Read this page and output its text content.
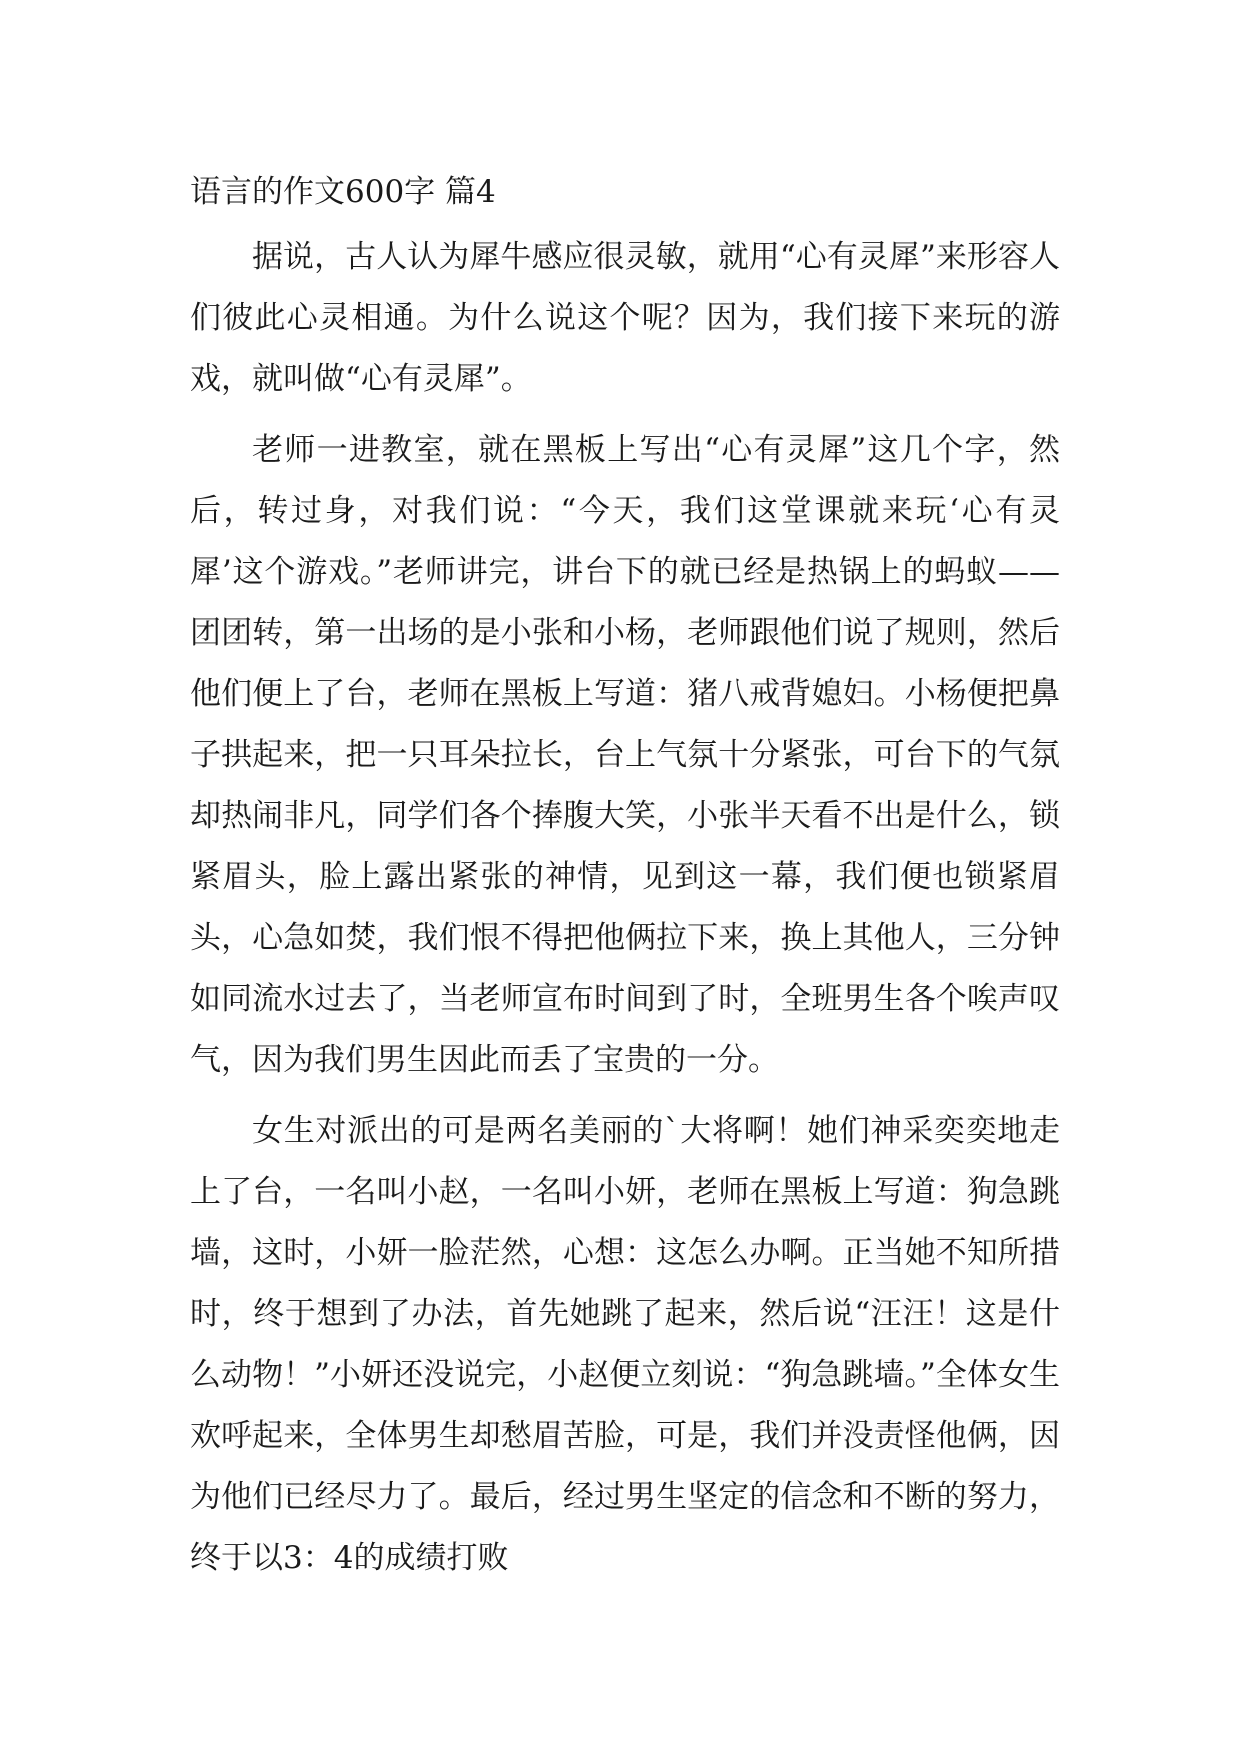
语言的作文600字 篇4

据说，古人认为犀牛感应很灵敏，就用“心有灵犀”来形容人们彼此心灵相通。为什么说这个呢？因为，我们接下来玩的游戏，就叫做“心有灵犀”。

老师一进教室，就在黑板上写出“心有灵犀”这几个字，然后，转过身，对我们说：“今天，我们这堂课就来玩‘心有灵犀’这个游戏。”老师讲完，讲台下的就已经是热锅上的蚂蚁——团团转，第一出场的是小张和小杨，老师跟他们说了规则，然后他们便上了台，老师在黑板上写道：猪八戒背媳妇。小杨便把鼻子拱起来，把一只耳朵拉长，台上气氛十分紧张，可台下的气氛却热闹非凡，同学们各个捧腹大笑，小张半天看不出是什么，锁紧眉头，脸上露出紧张的神情，见到这一幕，我们便也锁紧眉头，心急如焚，我们恨不得把他俩拉下来，换上其他人，三分钟如同流水过去了，当老师宣布时间到了时，全班男生各个唉声叹气，因为我们男生因此而丢了宝贵的一分。

女生对派出的可是两名美丽的`大将啊！她们神采奕奕地走上了台，一名叫小赵，一名叫小妍，老师在黑板上写道：狗急跳墙，这时，小妍一脸茫然，心想：这怎么办啊。正当她不知所措时，终于想到了办法，首先她跳了起来，然后说“汪汪！这是什么动物！”小妍还没说完，小赵便立刻说：“狗急跳墙。”全体女生欢呼起来，全体男生却愁眉苦脸，可是，我们并没责怪他俩，因为他们已经尽力了。最后，经过男生坚定的信念和不断的努力，终于以3：4的成绩打败
